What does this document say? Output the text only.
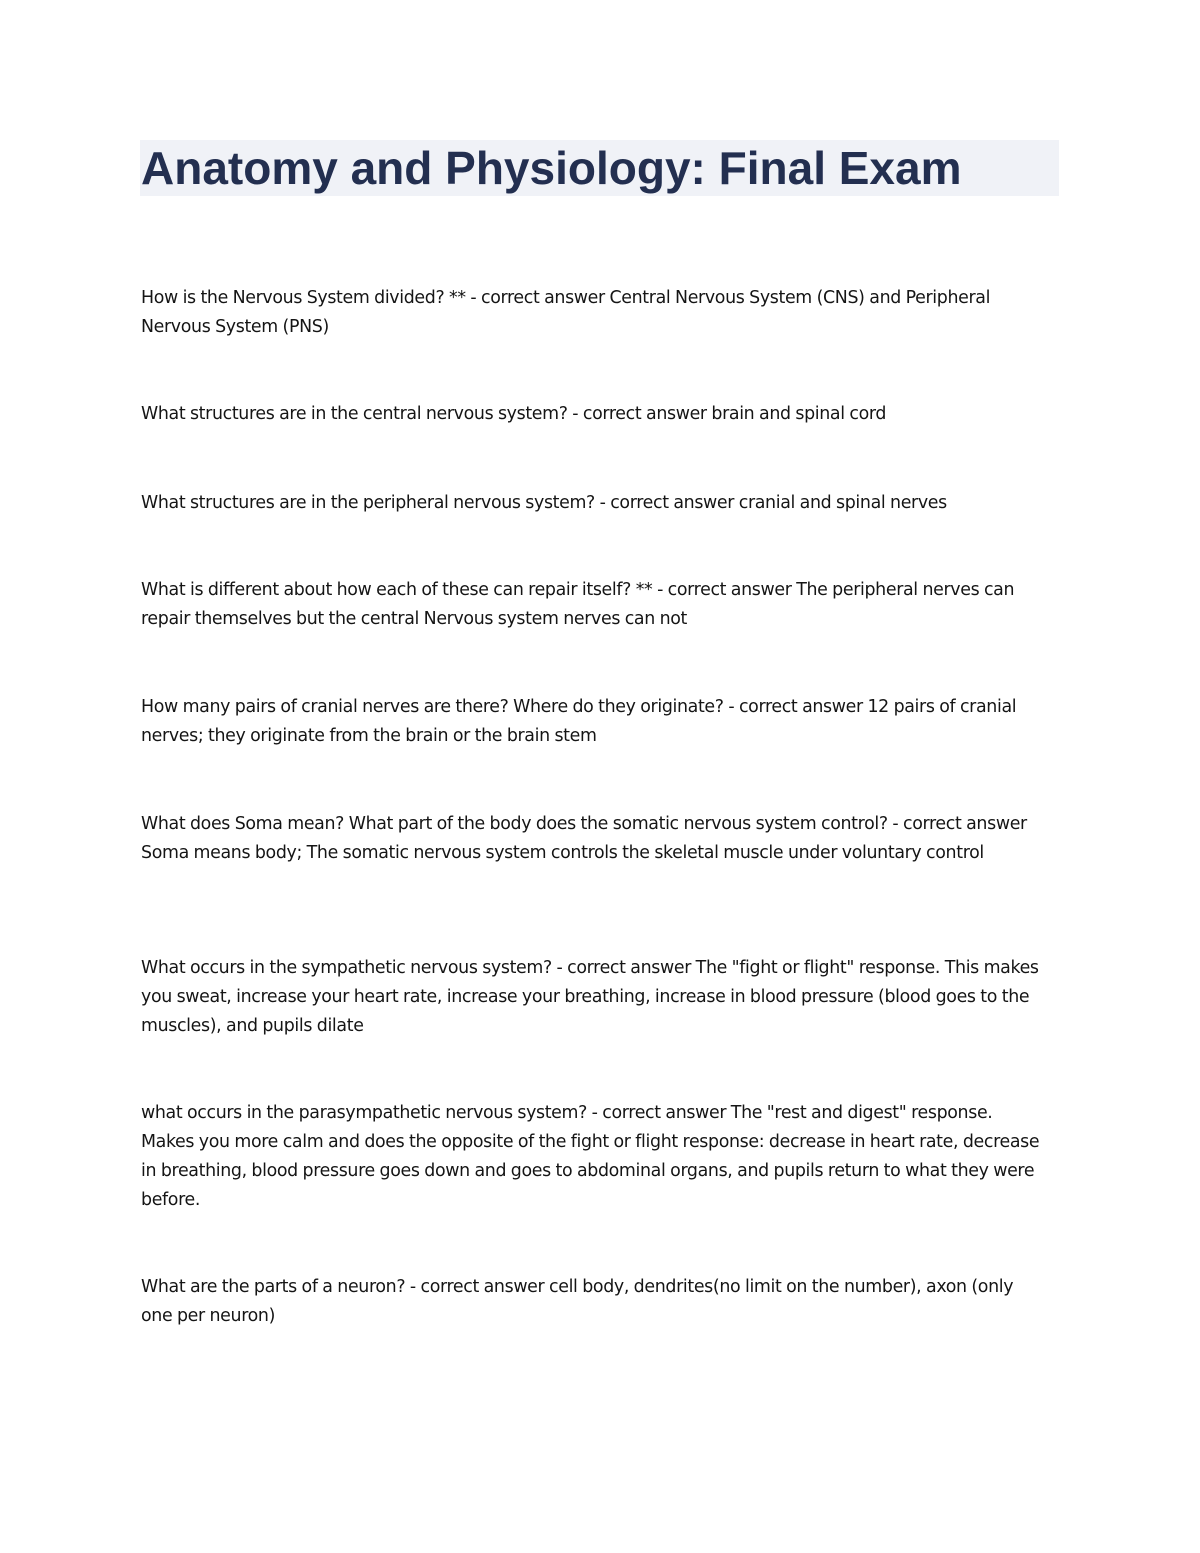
Anatomy and Physiology: Final Exam

How is the Nervous System divided? ** - correct answer Central Nervous System (CNS) and Peripheral Nervous System (PNS)

What structures are in the central nervous system? - correct answer brain and spinal cord

What structures are in the peripheral nervous system? - correct answer cranial and spinal nerves

What is different about how each of these can repair itself? ** - correct answer The peripheral nerves can repair themselves but the central Nervous system nerves can not

How many pairs of cranial nerves are there? Where do they originate? - correct answer 12 pairs of cranial nerves; they originate from the brain or the brain stem

What does Soma mean? What part of the body does the somatic nervous system control? - correct answer Soma means body; The somatic nervous system controls the skeletal muscle under voluntary control

What occurs in the sympathetic nervous system? - correct answer The "fight or flight" response. This makes you sweat, increase your heart rate, increase your breathing, increase in blood pressure (blood goes to the muscles), and pupils dilate

what occurs in the parasympathetic nervous system? - correct answer The "rest and digest" response. Makes you more calm and does the opposite of the fight or flight response: decrease in heart rate, decrease in breathing, blood pressure goes down and goes to abdominal organs, and pupils return to what they were before.

What are the parts of a neuron? - correct answer cell body, dendrites(no limit on the number), axon (only one per neuron)
